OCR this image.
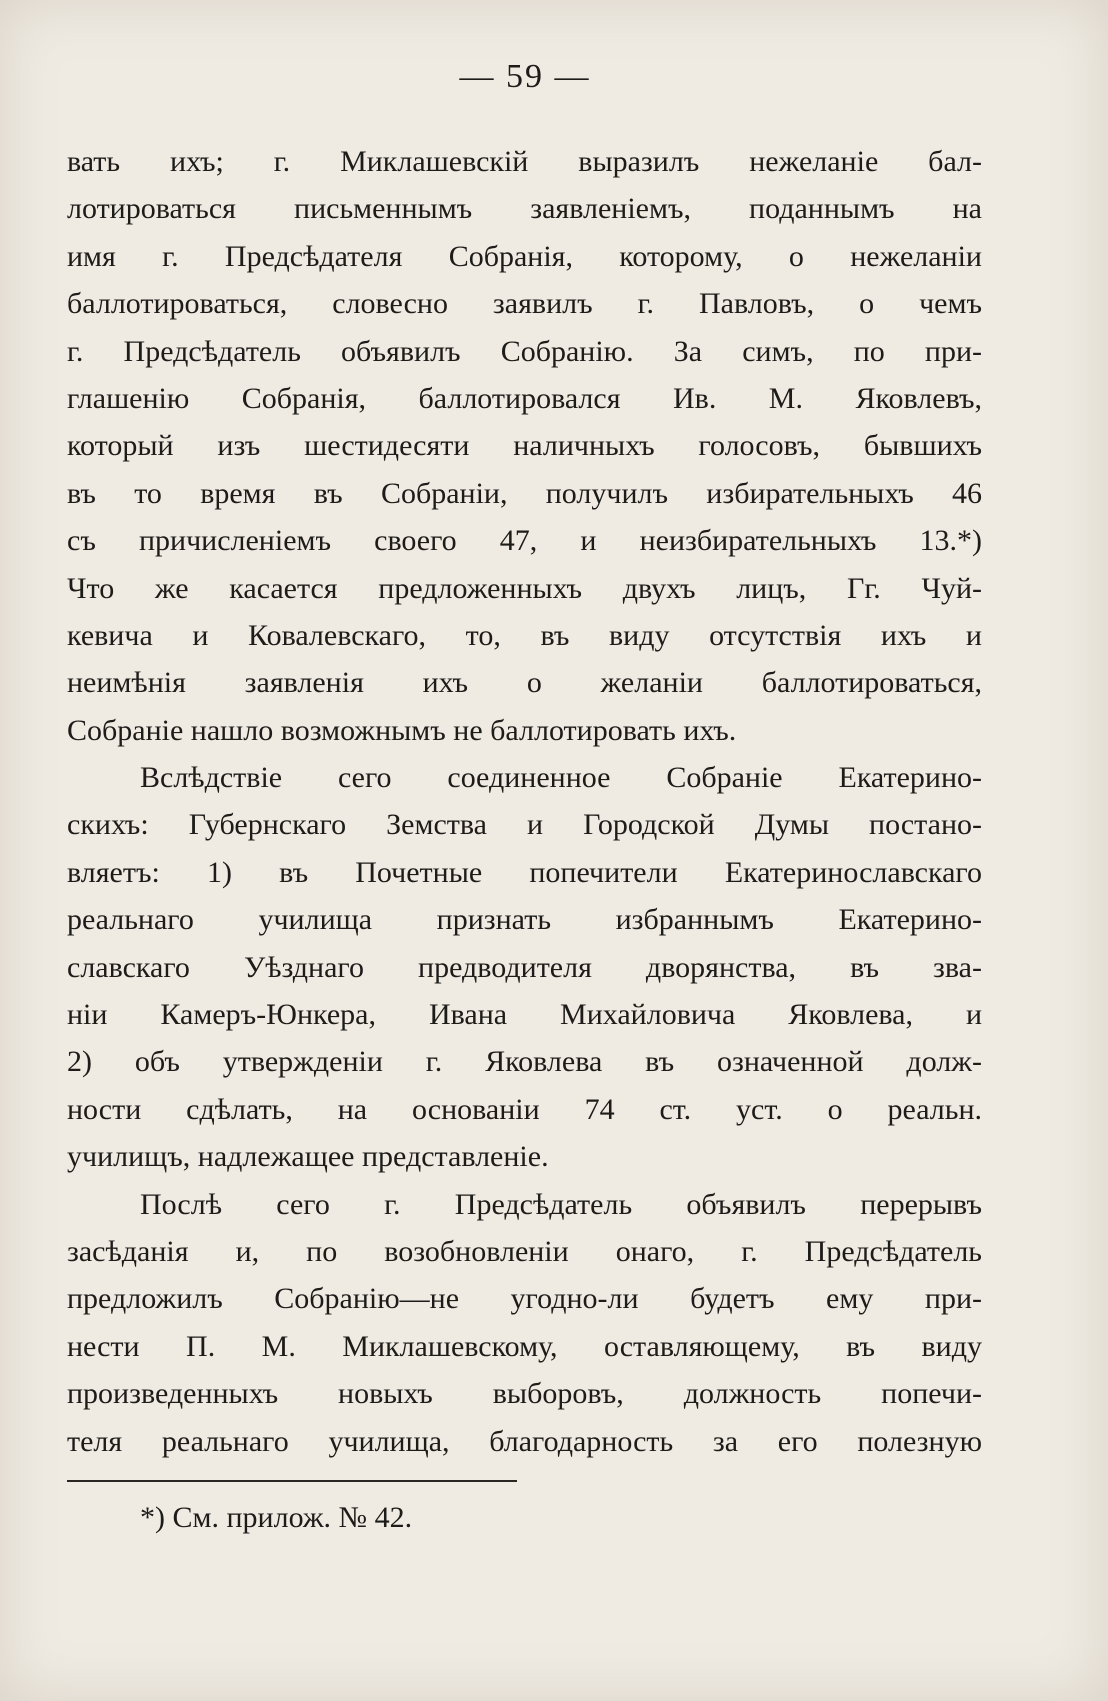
— 59 —
вать ихъ; г. Миклашевскій выразилъ нежеланіе бал-
лотироваться письменнымъ заявленіемъ, поданнымъ на
имя г. Предсѣдателя Собранія, которому, о нежеланіи
баллотироваться, словесно заявилъ г. Павловъ, о чемъ
г. Предсѣдатель объявилъ Собранію. За симъ, по при-
глашенію Собранія, баллотировался Ив. М. Яковлевъ,
который изъ шестидесяти наличныхъ голосовъ, бывшихъ
въ то время въ Собраніи, получилъ избирательныхъ 46
съ причисленіемъ своего 47, и неизбирательныхъ 13.*)
Что же касается предложенныхъ двухъ лицъ, Гг. Чуй-
кевича и Ковалевскаго, то, въ виду отсутствія ихъ и
неимѣнія заявленія ихъ о желаніи баллотироваться,
Собраніе нашло возможнымъ не баллотировать ихъ.
Вслѣдствіе сего соединенное Собраніе Екатерино-
скихъ: Губернскаго Земства и Городской Думы постано-
вляетъ: 1) въ Почетные попечители Екатеринославскаго
реальнаго училища признать избраннымъ Екатерино-
славскаго Уѣзднаго предводителя дворянства, въ зва-
ніи Камеръ-Юнкера, Ивана Михайловича Яковлева, и
2) объ утвержденіи г. Яковлева въ означенной долж-
ности сдѣлать, на основаніи 74 ст. уст. о реальн.
училищъ, надлежащее представленіе.
Послѣ сего г. Предсѣдатель объявилъ перерывъ
засѣданія и, по возобновленіи онаго, г. Предсѣдатель
предложилъ Собранію—не угодно-ли будетъ ему при-
нести П. М. Миклашевскому, оставляющему, въ виду
произведенныхъ новыхъ выборовъ, должность попечи-
теля реальнаго училища, благодарность за его полезную
*) См. прилож. № 42.
